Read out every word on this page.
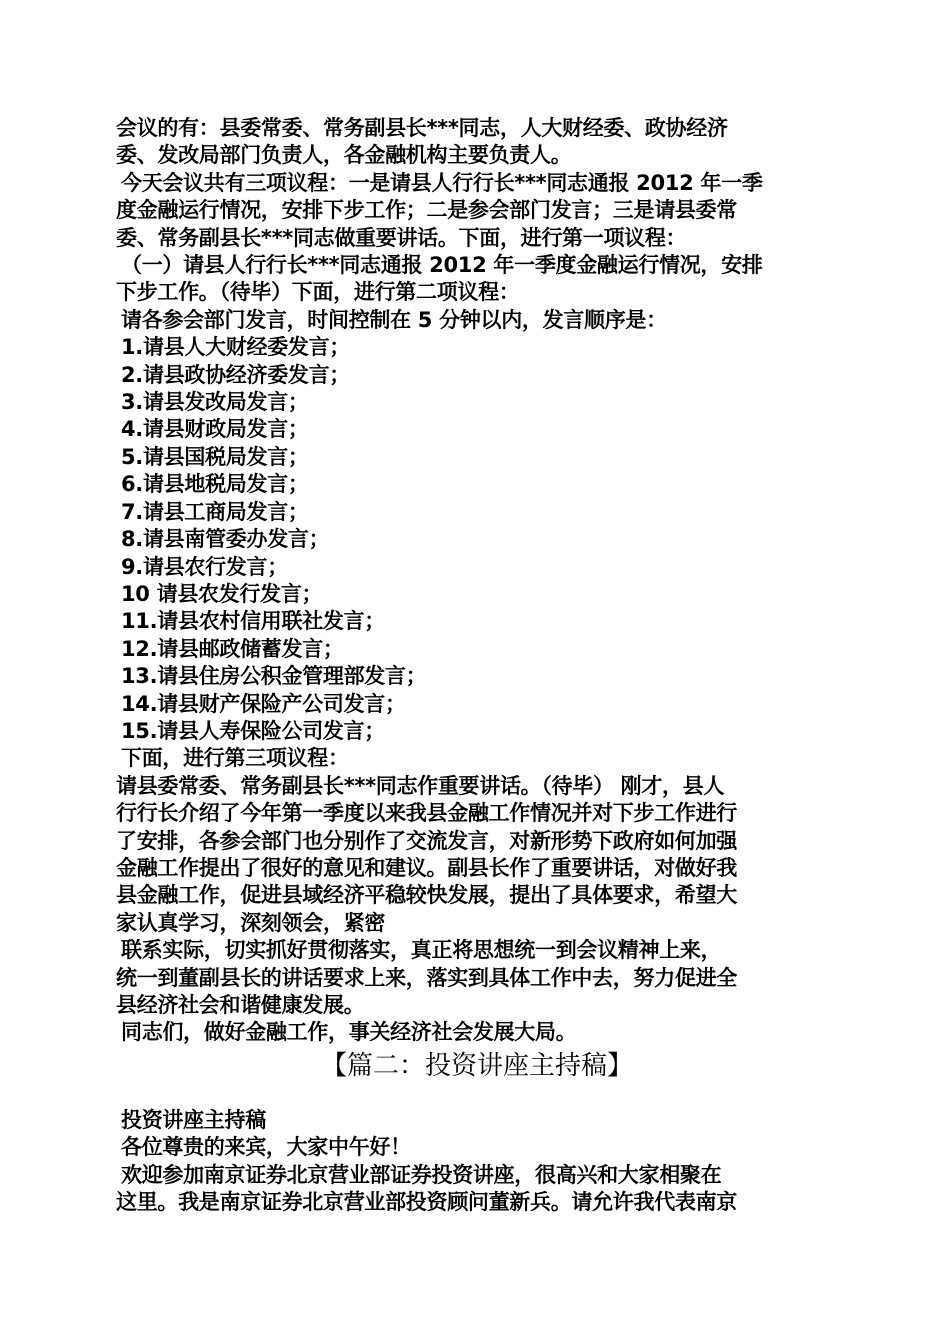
会议的有：县委常委、常务副县长***同志，人大财经委、政协经济
委、发改局部门负责人，各金融机构主要负责人。
今天会议共有三项议程：一是请县人行行长***同志通报 2012 年一季
度金融运行情况，安排下步工作；二是参会部门发言；三是请县委常
委、常务副县长***同志做重要讲话。下面，进行第一项议程：
（一）请县人行行长***同志通报 2012 年一季度金融运行情况，安排
下步工作。（待毕）下面，进行第二项议程：
请各参会部门发言，时间控制在 5 分钟以内，发言顺序是：
1.请县人大财经委发言；
2.请县政协经济委发言；
3.请县发改局发言；
4.请县财政局发言；
5.请县国税局发言；
6.请县地税局发言；
7.请县工商局发言；
8.请县南管委办发言；
9.请县农行发言；
10 请县农发行发言；
11.请县农村信用联社发言；
12.请县邮政储蓄发言；
13.请县住房公积金管理部发言；
14.请县财产保险产公司发言；
15.请县人寿保险公司发言；
下面，进行第三项议程：
请县委常委、常务副县长***同志作重要讲话。（待毕） 刚才，县人
行行长介绍了今年第一季度以来我县金融工作情况并对下步工作进行
了安排，各参会部门也分别作了交流发言，对新形势下政府如何加强
金融工作提出了很好的意见和建议。副县长作了重要讲话，对做好我
县金融工作，促进县域经济平稳较快发展，提出了具体要求，希望大
家认真学习，深刻领会，紧密
联系实际，切实抓好贯彻落实，真正将思想统一到会议精神上来，
统一到董副县长的讲话要求上来，落实到具体工作中去，努力促进全
县经济社会和谐健康发展。
同志们，做好金融工作，事关经济社会发展大局。
【篇二：投资讲座主持稿】
投资讲座主持稿
各位尊贵的来宾，大家中午好！
欢迎参加南京证券北京营业部证券投资讲座，很高兴和大家相聚在
这里。我是南京证券北京营业部投资顾问董新兵。请允许我代表南京
